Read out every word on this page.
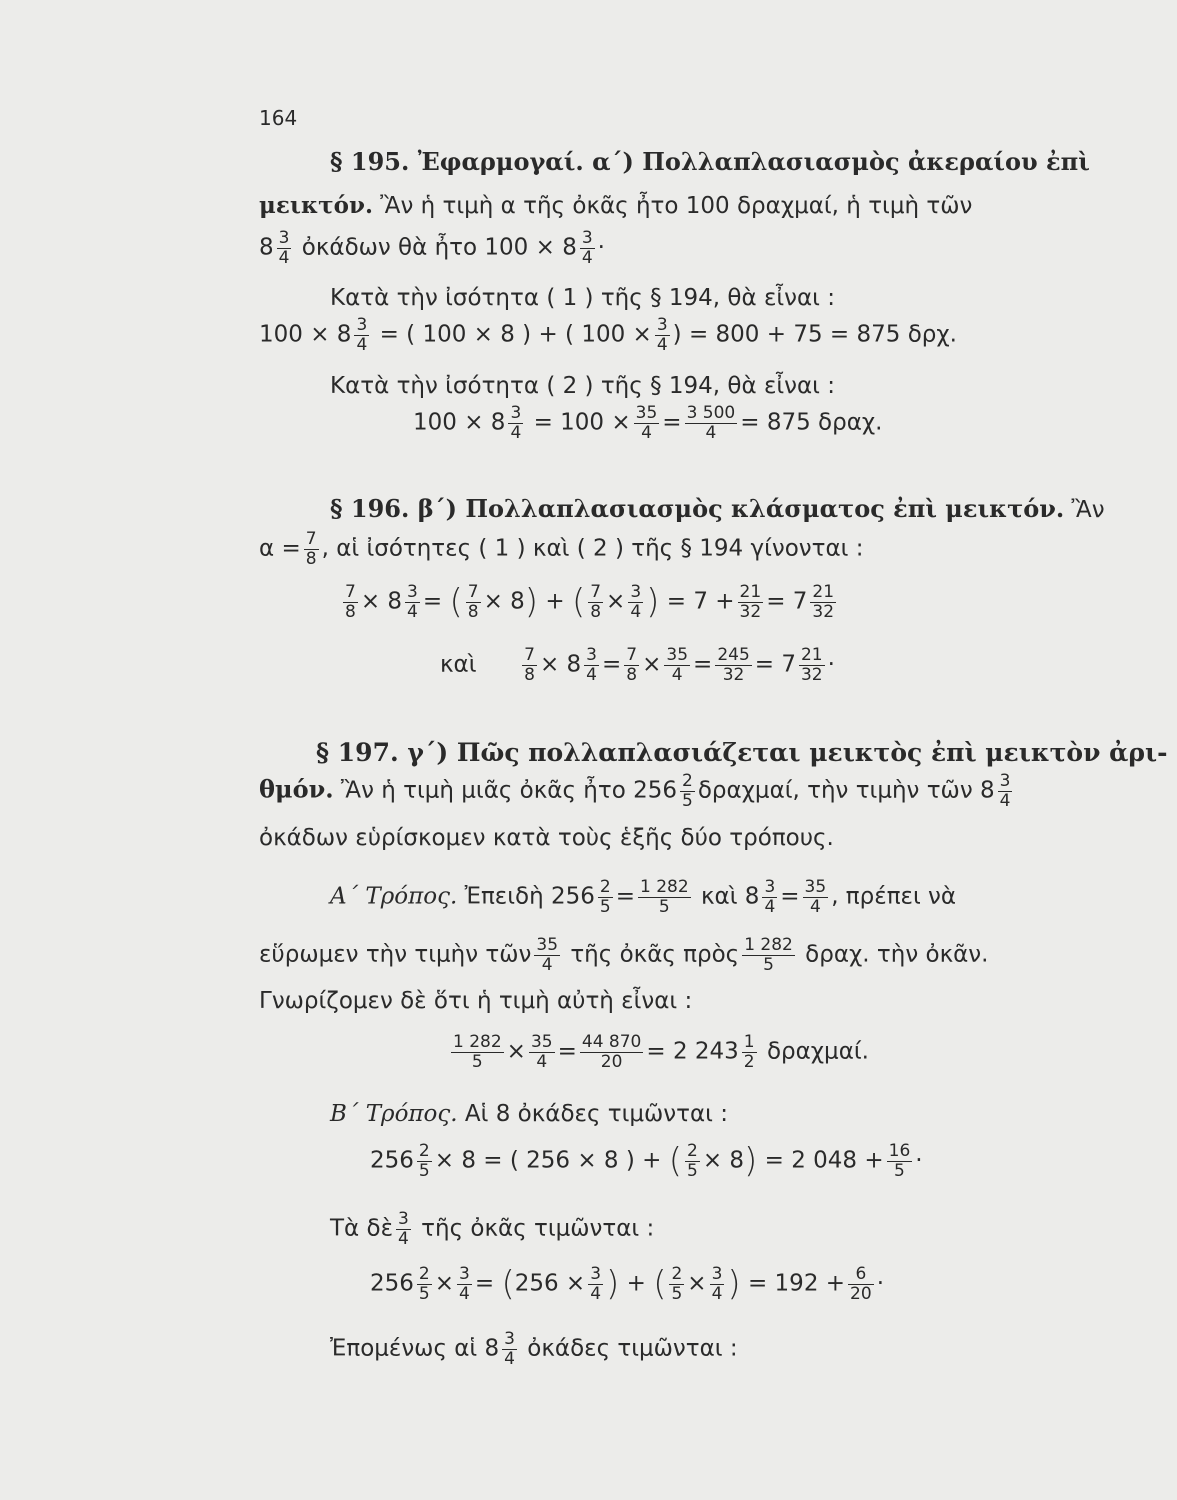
164
§ 195. Ἐφαρμογαί. α΄) Πολλαπλασιασμὸς ἀκεραίου ἐπὶ
μεικτόν. Ἂν ἡ τιμὴ α τῆς ὀκᾶς ἦτο 100 δραχμαί, ἡ τιμὴ τῶν
$8 \frac{3}{4}$ ὀκάδων θὰ ἦτο $100 \times 8 \frac{3}{4}$ ·
Κατὰ τὴν ἰσότητα ( 1 ) τῆς § 194, θὰ εἶναι :
$100 \times 8 \frac{3}{4}$ = ( 100 × 8 ) + ( $100 \times \frac{3}{4}$ ) = 800 + 75 = 875 δρχ.
Κατὰ τὴν ἰσότητα ( 2 ) τῆς § 194, θὰ εἶναι :
$100 \times 8 \frac{3}{4} = 100 \times \frac{35}{4} = \frac{3 500}{4} = 875$ δραχ.
§ 196. β΄) Πολλαπλασιασμὸς κλάσματος ἐπὶ μεικτόν. Ἂν
$\alpha = \frac{7}{8}$ , αἱ ἰσότητες ( 1 ) καὶ ( 2 ) τῆς § 194 γίνονται :
$\frac{7}{8} \times 8 \frac{3}{4}$ = ( $\frac{7}{8} \times 8$) + ( $\frac{7}{8} \times \frac{3}{4}$ ) = $7 + \frac{21}{32} = 7 \frac{21}{32}$
καὶ	$\frac{7}{8} \times 8 \frac{3}{4} = \frac{7}{8} \times \frac{35}{4} = \frac{245}{32} = 7 \frac{21}{32}$ ·
§ 197. γ΄) Πῶς πολλαπλασιάζεται μεικτὸς ἐπὶ μεικτὸν ἀρι-
θμόν. Ἂν ἡ τιμὴ μιᾶς ὀκᾶς ἦτο $256 \frac{2}{5} \delta\rho\alpha\chi\mu\alpha ί$, τὴν τιμὴν τῶν $8 \frac{3}{4}$
ὀκάδων εὑρίσκομεν κατὰ τοὺς ἑξῆς δύο τρόπους.
Α΄ Τρόπος. Ἐπειδὴ $256 \frac{2}{5} = \frac{1 282}{5}$ καὶ $8 \frac{3}{4} = \frac{35}{4}$ , πρέπει νὰ
εὕρωμεν τὴν τιμὴν τῶν $\frac{35}{4}$ τῆς ὀκᾶς πρὸς $\frac{1 282}{5} \delta\rho\alpha\chi$. τὴν ὀκᾶν.
Γνωρίζομεν δὲ ὅτι ἡ τιμὴ αὐτὴ εἶναι :
$\frac{1 282}{5} \times \frac{35}{4} = \frac{44 870}{20} = 2$ $243 \frac{1}{2} \delta\rho\alpha\chi\mu\alpha ί$.
Β΄ Τρόπος. Αἱ 8 ὀκάδες τιμῶνται :
$256 \frac{2}{5} \times 8$ = ( 256 × 8 ) + ( $\frac{2}{5} \times 8) = 2$ $048 + \frac{16}{5}$ ·
Τὰ δὲ $\frac{3}{4}$ τῆς ὀκᾶς τιμῶνται :
$256 \frac{2}{5} \times \frac{3}{4} = (256 \times \frac{3}{4}$ ) + ( $\frac{2}{5} \times \frac{3}{4}$ ) = $192 + \frac{6}{20}$ ·
Ἐπομένως αἱ $8 \frac{3}{4}$ ὀκάδες τιμῶνται :
